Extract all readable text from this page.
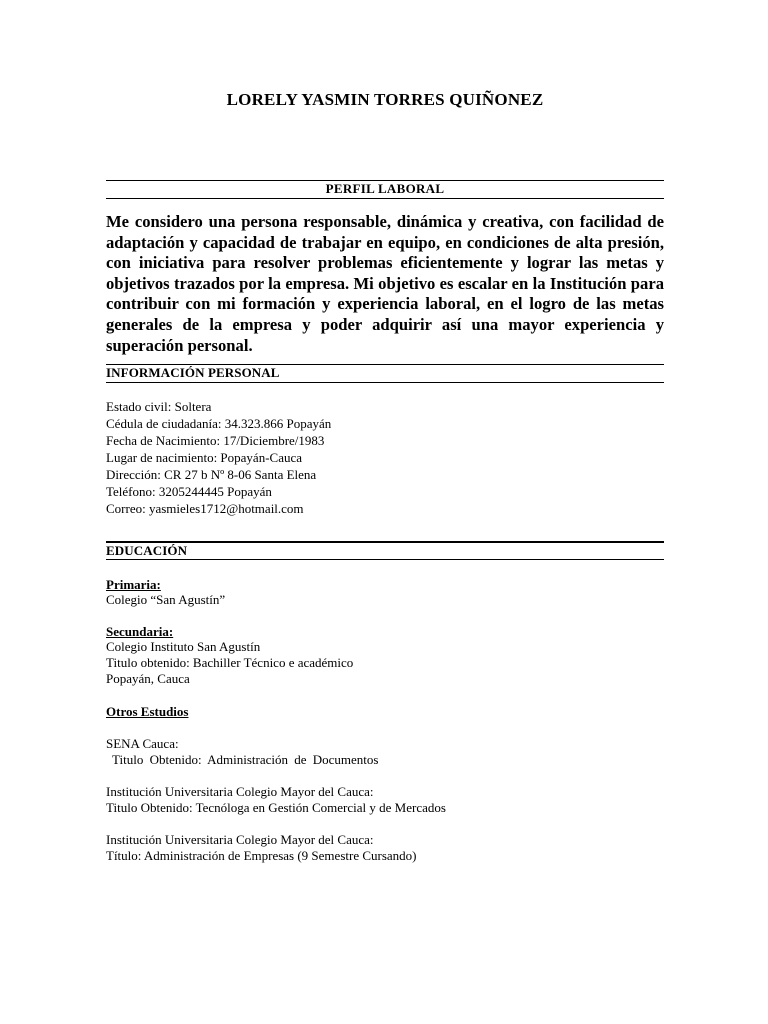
LORELY YASMIN TORRES QUIÑONEZ
PERFIL LABORAL

Me considero una persona responsable, dinámica y creativa, con facilidad de adaptación y capacidad de trabajar en equipo, en condiciones de alta presión, con iniciativa para resolver problemas eficientemente y lograr las metas y objetivos trazados por la empresa. Mi objetivo es escalar en la Institución para contribuir con mi formación y experiencia laboral, en el logro de las metas generales de la empresa y poder adquirir así una mayor experiencia y superación personal.

INFORMACIÓN PERSONAL
Estado civil: Soltera
Cédula de ciudadanía: 34.323.866 Popayán
Fecha de Nacimiento: 17/Diciembre/1983
Lugar de nacimiento: Popayán-Cauca
Dirección: CR 27 b Nº 8-06 Santa Elena
Teléfono: 3205244445 Popayán
Correo: yasmieles1712@hotmail.com
EDUCACIÓN
Primaria:
Colegio “San Agustín”
Secundaria:
Colegio Instituto San Agustín
Titulo obtenido: Bachiller Técnico e académico
Popayán, Cauca
Otros Estudios
SENA Cauca:
Titulo Obtenido: Administración de Documentos
Institución Universitaria Colegio Mayor del Cauca:
Titulo Obtenido: Tecnóloga en Gestión Comercial y de Mercados
Institución Universitaria Colegio Mayor del Cauca:
Título: Administración de Empresas (9 Semestre Cursando)
